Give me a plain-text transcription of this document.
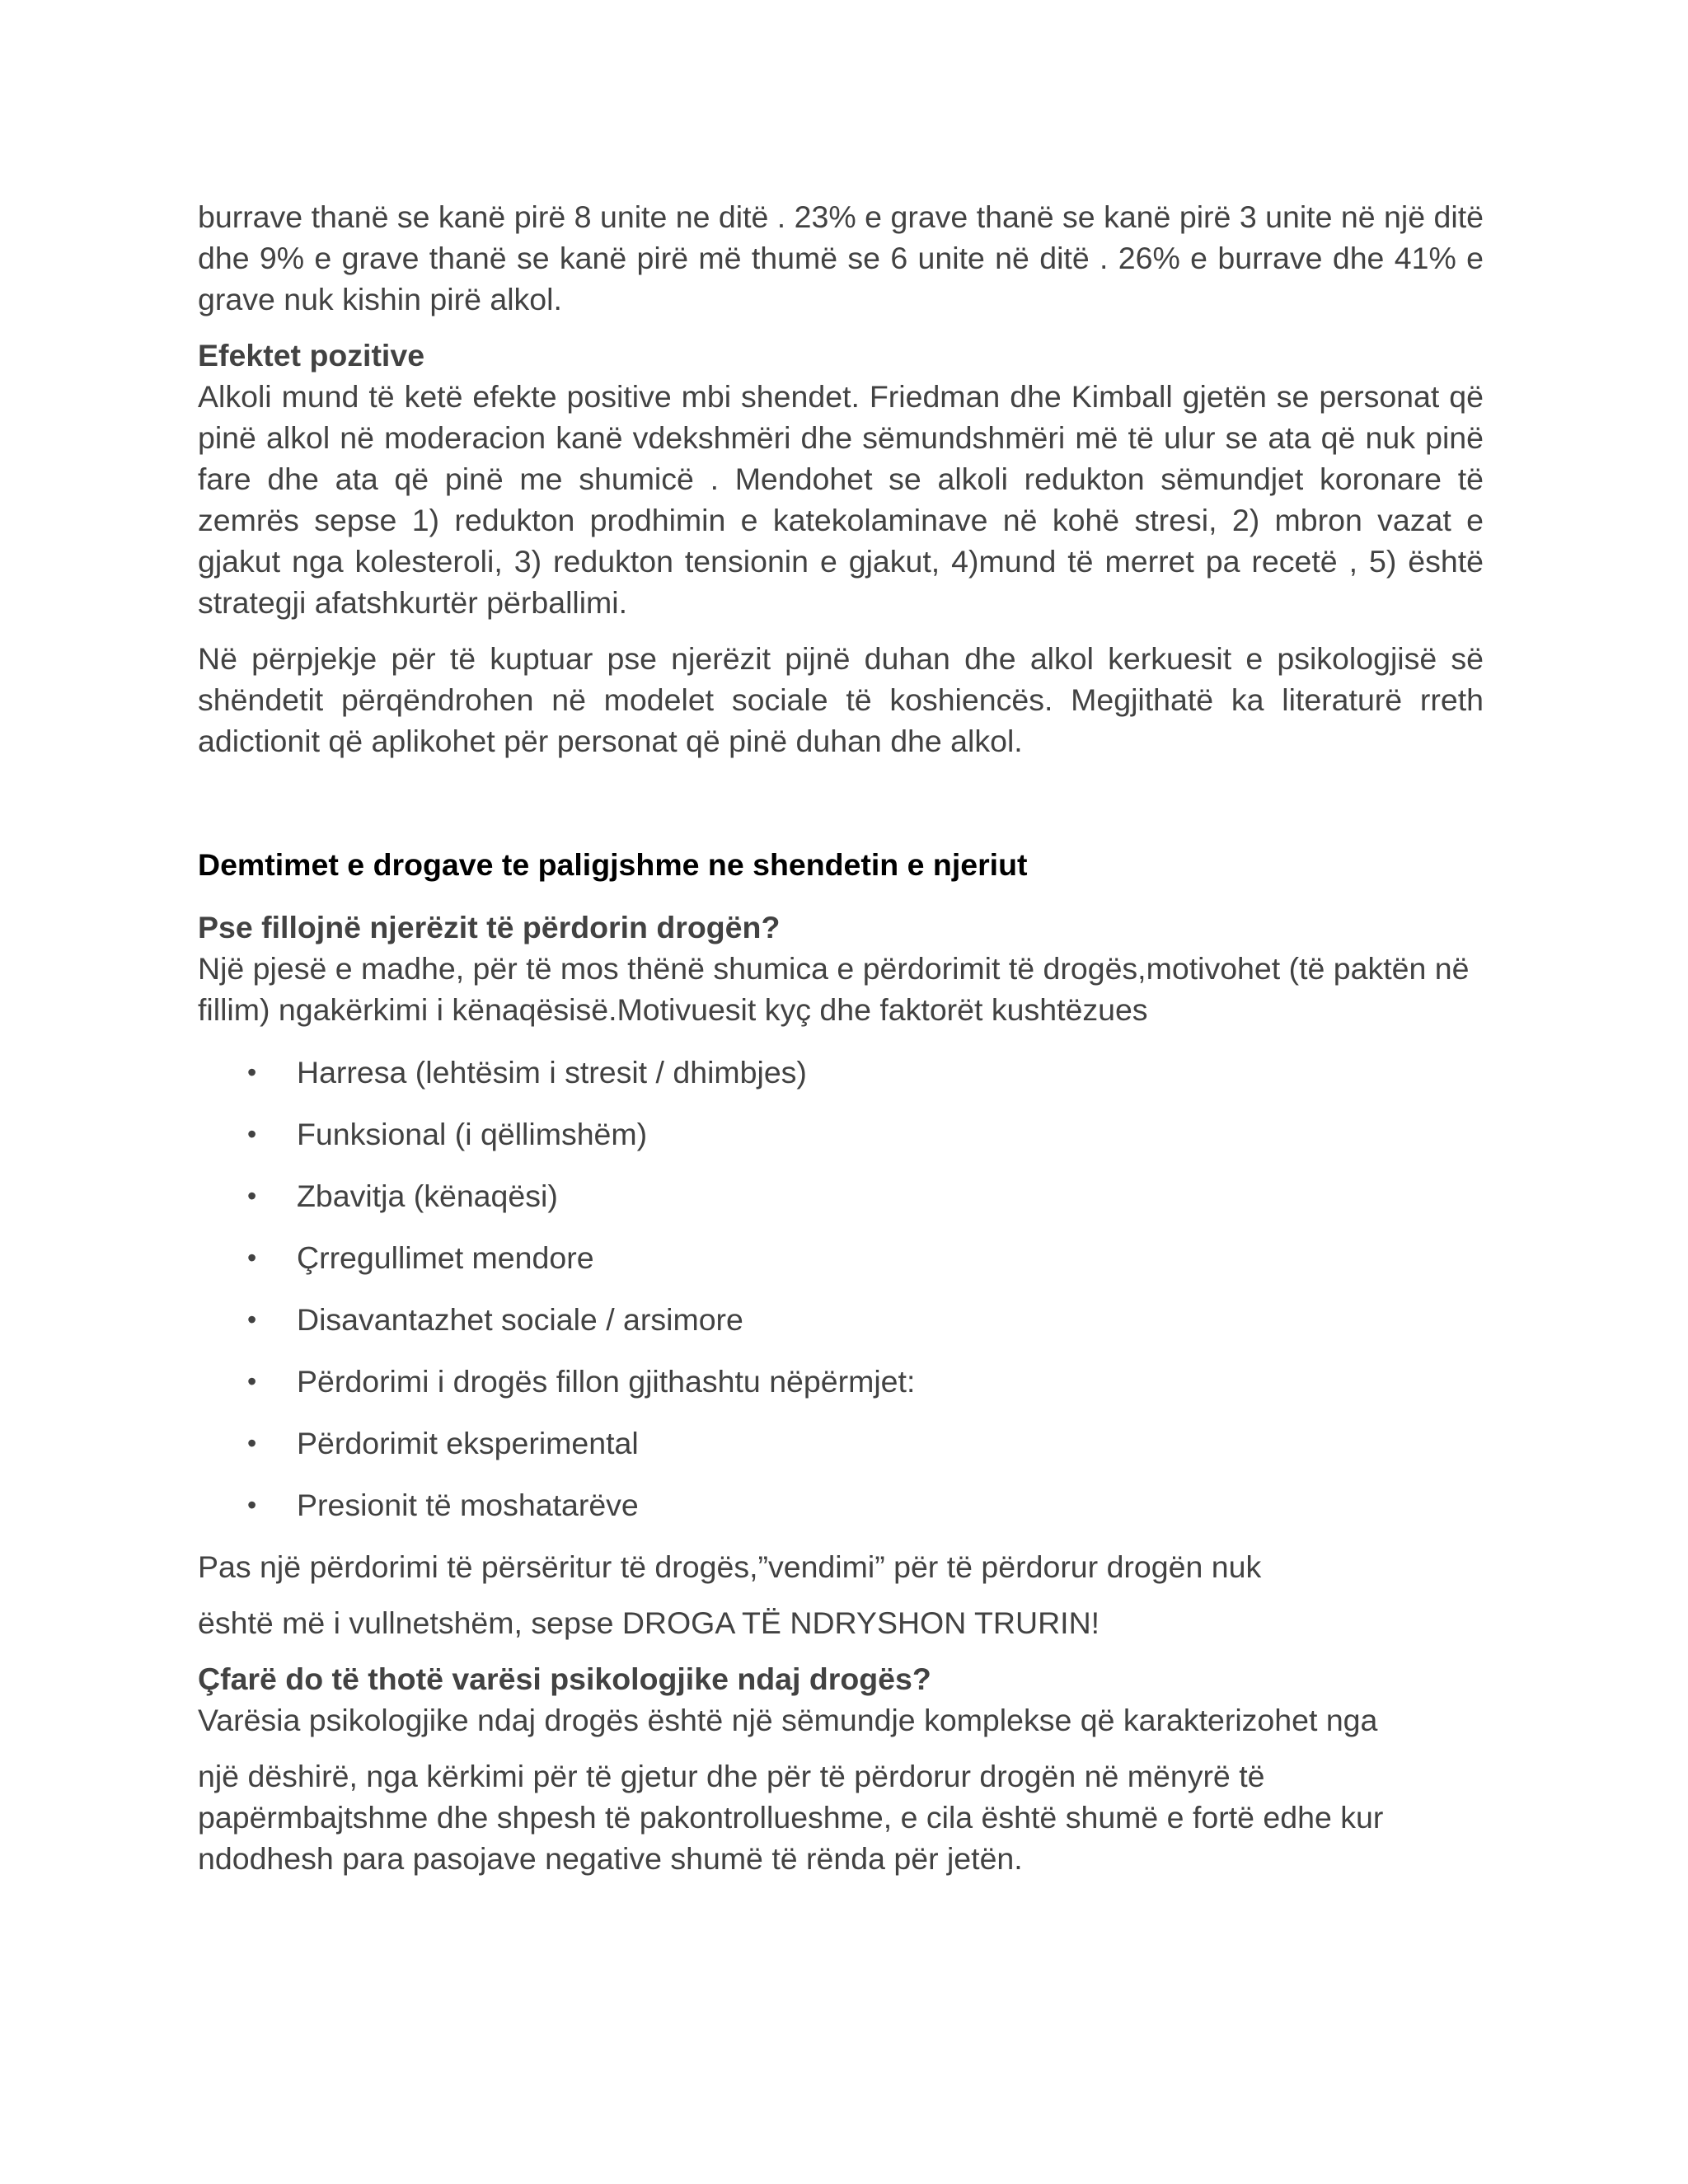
burrave thanë se kanë pirë 8 unite ne ditë . 23% e grave thanë se kanë pirë 3 unite në një ditë dhe 9% e grave thanë se kanë pirë më thumë se 6 unite në ditë . 26% e burrave dhe 41% e grave nuk kishin pirë alkol.

Efektet pozitive

Alkoli mund të ketë efekte positive mbi shendet. Friedman dhe Kimball gjetën se personat që pinë alkol në moderacion kanë vdekshmëri dhe sëmundshmëri më të ulur se ata që nuk pinë fare dhe ata që pinë me shumicë . Mendohet se alkoli redukton sëmundjet koronare të zemrës sepse 1) redukton prodhimin e katekolaminave në kohë stresi, 2) mbron vazat e gjakut nga kolesteroli, 3) redukton tensionin e gjakut, 4)mund të merret pa recetë , 5) është strategji afatshkurtër përballimi.

Në përpjekje për të kuptuar pse njerëzit pijnë duhan dhe alkol kerkuesit e psikologjisë së shëndetit përqëndrohen në modelet sociale të koshiencës. Megjithatë ka literaturë rreth adictionit që aplikohet për personat që pinë duhan dhe alkol.

Demtimet e drogave te paligjshme ne shendetin e njeriut

Pse fillojnë njerëzit të përdorin drogën?

Një pjesë e madhe, për të mos thënë shumica e përdorimit të drogës,motivohet (të paktën në fillim) ngakërkimi i kënaqësisë.Motivuesit kyç dhe faktorët kushtëzues

• Harresa (lehtësim i stresit / dhimbjes)
• Funksional (i qëllimshëm)
• Zbavitja (kënaqësi)
• Çrregullimet mendore
• Disavantazhet sociale / arsimore
• Përdorimi i drogës fillon gjithashtu nëpërmjet:
• Përdorimit eksperimental
• Presionit të moshatarëve

Pas një përdorimi të përsëritur të drogës,”vendimi” për të përdorur drogën nuk

është më i vullnetshëm, sepse DROGA TË NDRYSHON TRURIN!

Çfarë do të thotë varësi psikologjike ndaj drogës?

Varësia psikologjike ndaj drogës është një sëmundje komplekse që karakterizohet nga

një dëshirë, nga kërkimi për të gjetur dhe për të përdorur drogën në mënyrë të papërmbajtshme dhe shpesh të pakontrollueshme, e cila është shumë e fortë edhe kur ndodhesh para pasojave negative shumë të rënda për jetën.
